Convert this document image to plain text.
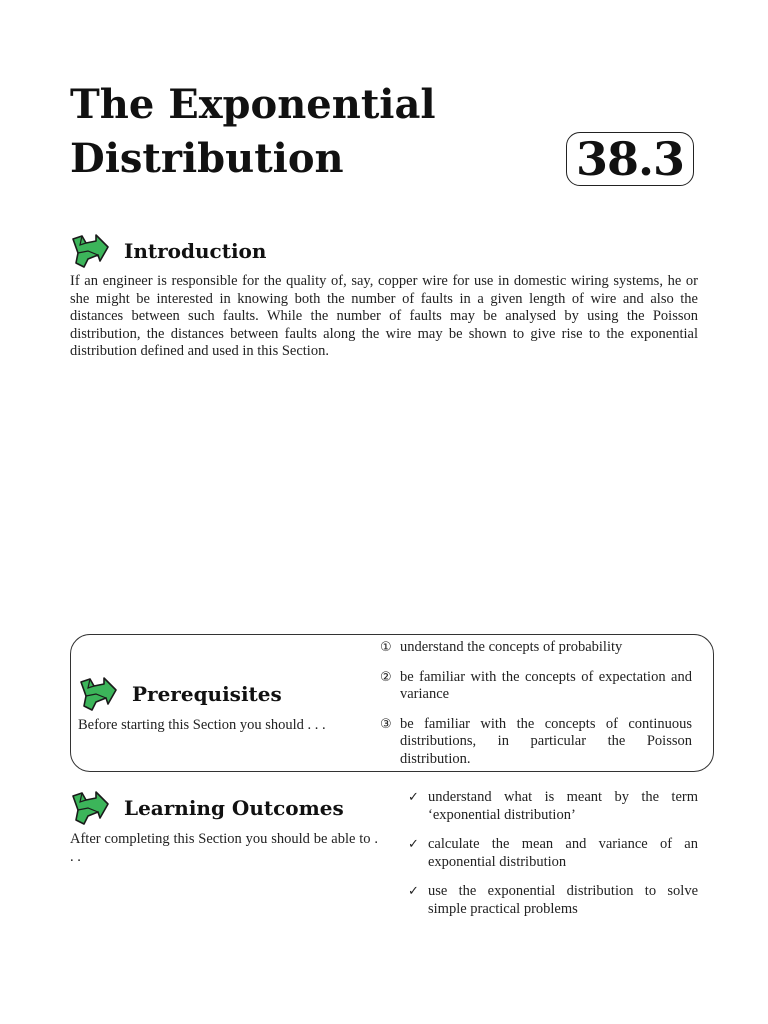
The Exponential
Distribution	38.3
Introduction

If an engineer is responsible for the quality of, say, copper wire for use in domestic wiring systems, he or she might be interested in knowing both the number of faults in a given length of wire and also the distances between such faults. While the number of faults may be analysed by using the Poisson distribution, the distances between faults along the wire may be shown to give rise to the exponential distribution defined and used in this Section.

Prerequisites

Before starting this Section you should . . .

① understand the concepts of probability
② be familiar with the concepts of expectation and variance
③ be familiar with the concepts of continuous distributions, in particular the Poisson distribution.
Learning Outcomes

After completing this Section you should be able to . . .

✓ understand what is meant by the term ‘exponential distribution’
✓ calculate the mean and variance of an exponential distribution
✓ use the exponential distribution to solve simple practical problems
